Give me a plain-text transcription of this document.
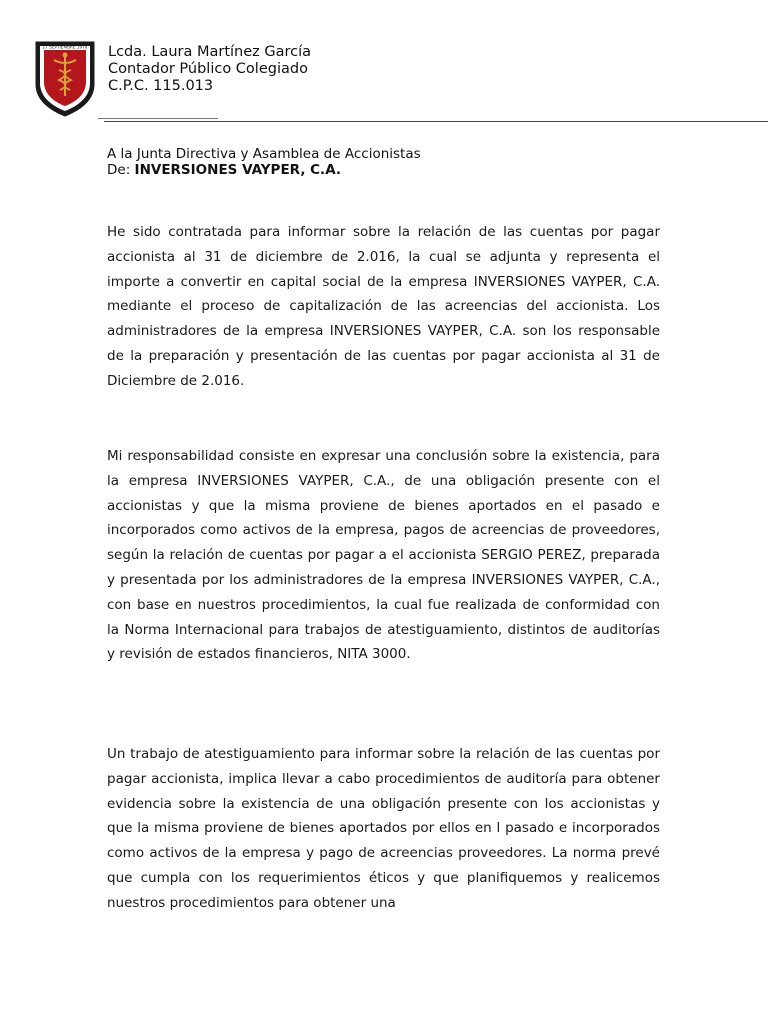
27 SEPTIEMBRE 1978 Lcda. Laura Martínez García
Contador Público Colegiado
C.P.C. 115.013
A la Junta Directiva y Asamblea de Accionistas
De: INVERSIONES VAYPER, C.A.
He sido contratada para informar sobre la relación de las cuentas por pagar accionista al 31 de diciembre de 2.016, la cual se adjunta y representa el importe a convertir en capital social de la empresa INVERSIONES VAYPER, C.A. mediante el proceso de capitalización de las acreencias del accionista. Los administradores de la empresa INVERSIONES VAYPER, C.A. son los responsable de la preparación y presentación de las cuentas por pagar accionista al 31 de Diciembre de 2.016.
Mi responsabilidad consiste en expresar una conclusión sobre la existencia, para la empresa INVERSIONES VAYPER, C.A., de una obligación presente con el accionistas y que la misma proviene de bienes aportados en el pasado e incorporados como activos de la empresa, pagos de acreencias de proveedores, según la relación de cuentas por pagar a el accionista SERGIO PEREZ, preparada y presentada por los administradores de la empresa INVERSIONES VAYPER, C.A., con base en nuestros procedimientos, la cual fue realizada de conformidad con la Norma Internacional para trabajos de atestiguamiento, distintos de auditorías y revisión de estados financieros, NITA 3000.
Un trabajo de atestiguamiento para informar sobre la relación de las cuentas por pagar accionista, implica llevar a cabo procedimientos de auditoría para obtener evidencia sobre la existencia de una obligación presente con los accionistas y que la misma proviene de bienes aportados por ellos en l pasado e incorporados como activos de la empresa y pago de acreencias proveedores. La norma prevé que cumpla con los requerimientos éticos y que planifiquemos y realicemos nuestros procedimientos para obtener una
